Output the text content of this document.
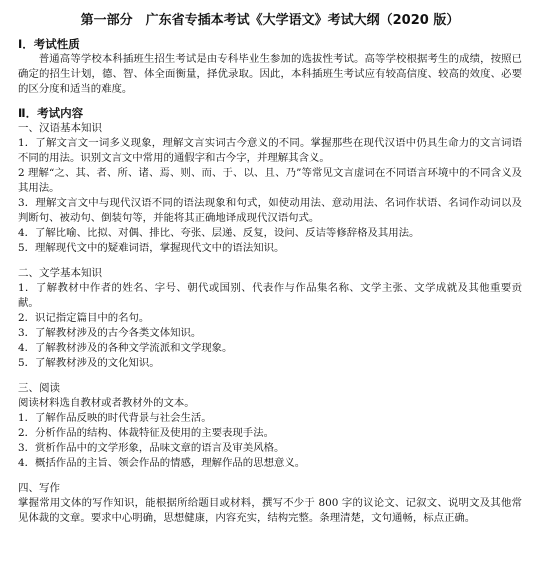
第一部分　广东省专插本考试《大学语文》考试大纲（2020 版）
Ⅰ．考试性质

普通高等学校本科插班生招生考试是由专科毕业生参加的选拔性考试。高等学校根据考生的成绩，按照已确定的招生计划，德、智、体全面衡量，择优录取。因此，本科插班生考试应有较高信度、较高的效度、必要的区分度和适当的难度。

Ⅱ．考试内容
一、汉语基本知识

1．了解文言文一词多义现象，理解文言实词古今意义的不同。掌握那些在现代汉语中仍具生命力的文言词语不同的用法。识别文言文中常用的通假字和古今字，并理解其含义。

2 理解“之、其、者、所、诸、焉、则、而、于、以、且、乃”等常见文言虚词在不同语言环境中的不同含义及其用法。

3．理解文言文中与现代汉语不同的语法现象和句式，如使动用法、意动用法、名词作状语、名词作动词以及判断句、被动句、倒装句等，并能将其正确地译成现代汉语句式。

4．了解比喻、比拟、对偶、排比、夸张、层递、反复，设问、反诘等修辞格及其用法。

5．理解现代文中的疑难词语，掌握现代文中的语法知识。

二、文学基本知识

1．了解教材中作者的姓名、字号、朝代或国别、代表作与作品集名称、文学主张、文学成就及其他重要贡献。

2．识记指定篇目中的名句。

3．了解教材涉及的古今各类文体知识。

4．了解教材涉及的各种文学流派和文学现象。

5．了解教材涉及的文化知识。

三、阅读

阅读材料选自教材或者教材外的文本。

1．了解作品反映的时代背景与社会生活。

2．分析作品的结构、体裁特征及使用的主要表现手法。

3．赏析作品中的文学形象，品味文章的语言及审美风格。

4．概括作品的主旨、领会作品的情感，理解作品的思想意义。

四、写作

掌握常用文体的写作知识，能根据所给题目或材料，撰写不少于 800 字的议论文、记叙文、说明文及其他常见体裁的文章。要求中心明确，思想健康，内容充实，结构完整。条理清楚，文句通畅，标点正确。
